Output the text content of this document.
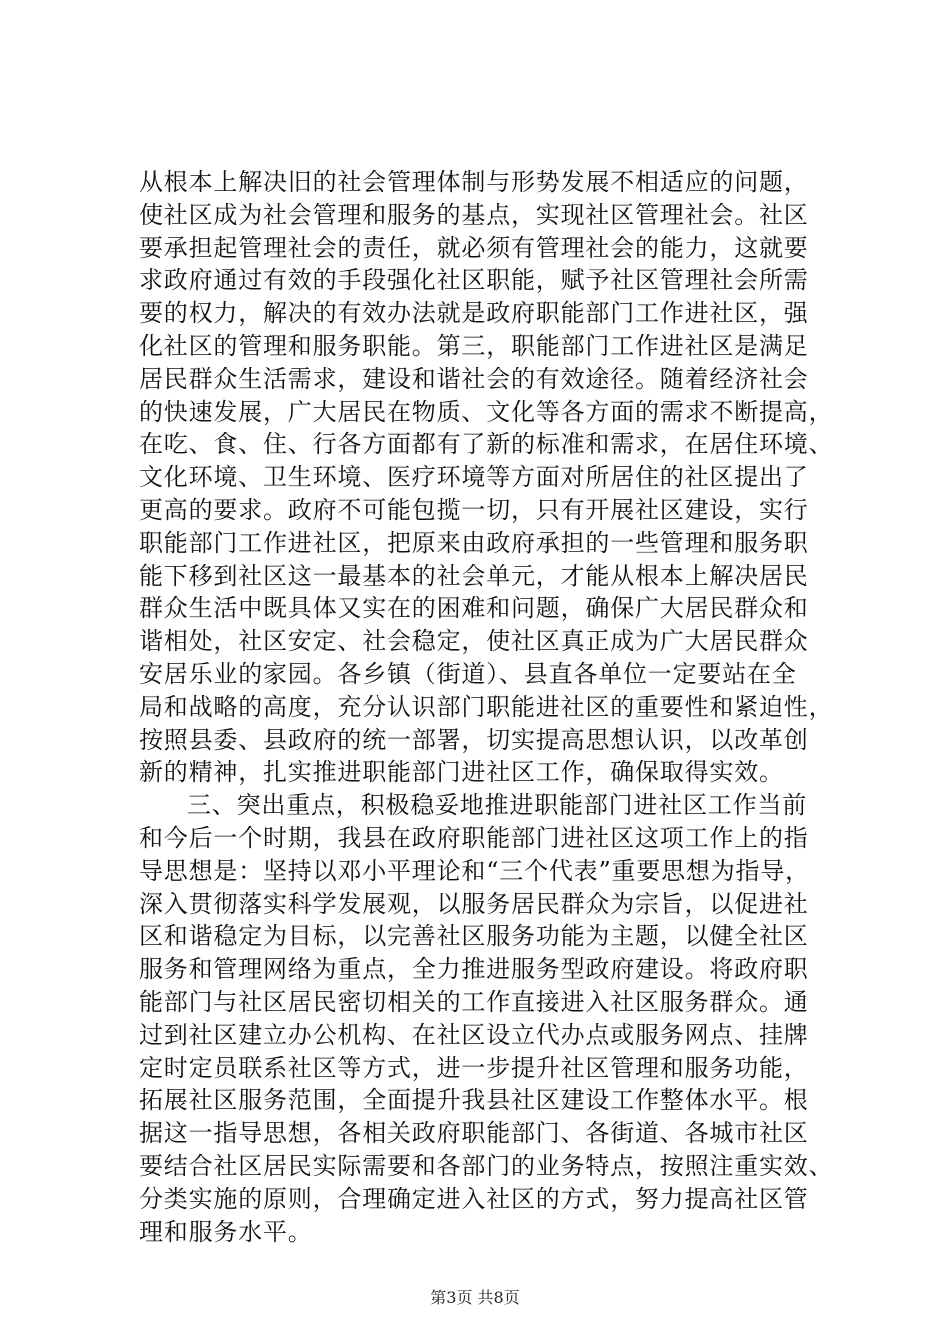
从根本上解决旧的社会管理体制与形势发展不相适应的问题，
使社区成为社会管理和服务的基点，实现社区管理社会。社区
要承担起管理社会的责任，就必须有管理社会的能力，这就要
求政府通过有效的手段强化社区职能，赋予社区管理社会所需
要的权力，解决的有效办法就是政府职能部门工作进社区，强
化社区的管理和服务职能。第三，职能部门工作进社区是满足
居民群众生活需求，建设和谐社会的有效途径。随着经济社会
的快速发展，广大居民在物质、文化等各方面的需求不断提高，
在吃、食、住、行各方面都有了新的标准和需求，在居住环境、
文化环境、卫生环境、医疗环境等方面对所居住的社区提出了
更高的要求。政府不可能包揽一切，只有开展社区建设，实行
职能部门工作进社区，把原来由政府承担的一些管理和服务职
能下移到社区这一最基本的社会单元，才能从根本上解决居民
群众生活中既具体又实在的困难和问题，确保广大居民群众和
谐相处，社区安定、社会稳定，使社区真正成为广大居民群众
安居乐业的家园。各乡镇（街道）、县直各单位一定要站在全
局和战略的高度，充分认识部门职能进社区的重要性和紧迫性，
按照县委、县政府的统一部署，切实提高思想认识，以改革创
新的精神，扎实推进职能部门进社区工作，确保取得实效。
三、突出重点，积极稳妥地推进职能部门进社区工作当前
和今后一个时期，我县在政府职能部门进社区这项工作上的指
导思想是：坚持以邓小平理论和“三个代表”重要思想为指导，
深入贯彻落实科学发展观，以服务居民群众为宗旨，以促进社
区和谐稳定为目标，以完善社区服务功能为主题，以健全社区
服务和管理网络为重点，全力推进服务型政府建设。将政府职
能部门与社区居民密切相关的工作直接进入社区服务群众。通
过到社区建立办公机构、在社区设立代办点或服务网点、挂牌
定时定员联系社区等方式，进一步提升社区管理和服务功能，
拓展社区服务范围，全面提升我县社区建设工作整体水平。根
据这一指导思想，各相关政府职能部门、各街道、各城市社区
要结合社区居民实际需要和各部门的业务特点，按照注重实效、
分类实施的原则，合理确定进入社区的方式，努力提高社区管
理和服务水平。
第3页 共8页
